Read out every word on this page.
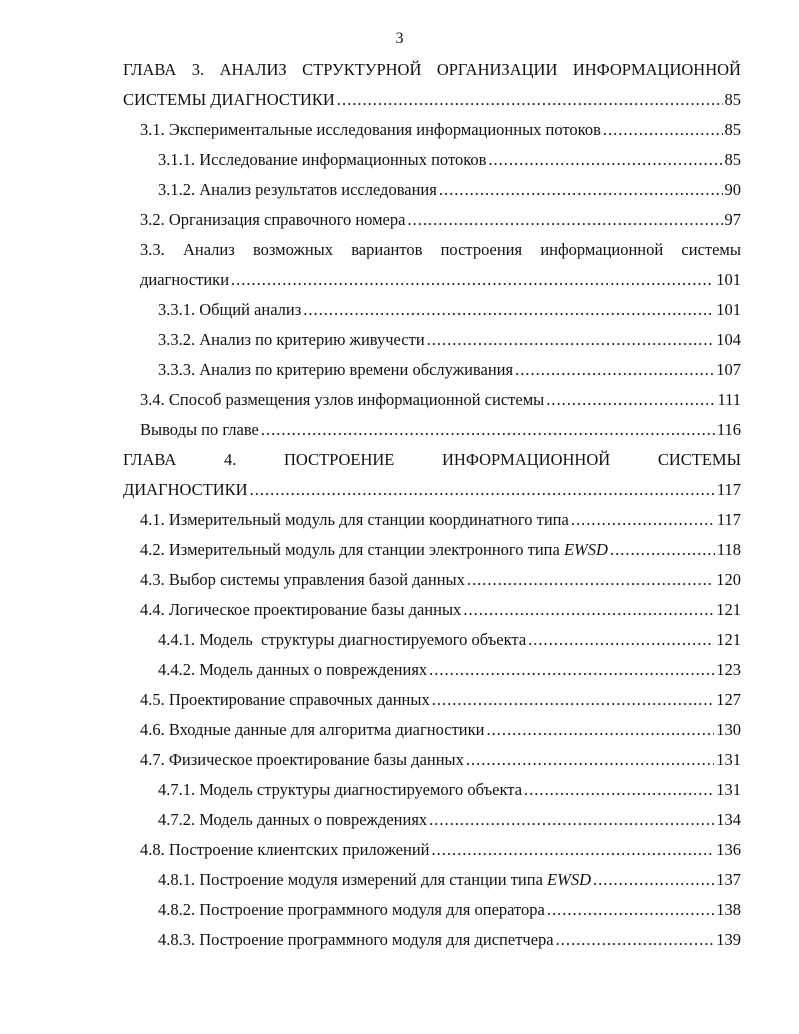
3
ГЛАВА 3. АНАЛИЗ СТРУКТУРНОЙ ОРГАНИЗАЦИИ ИНФОРМАЦИОННОЙ
СИСТЕМЫ ДИАГНОСТИКИ .....	85
3.1. Экспериментальные исследования информационных потоков .....	85
3.1.1. Исследование информационных потоков .....	85
3.1.2. Анализ результатов исследования .....	90
3.2. Организация справочного номера .....	97
3.3. Анализ возможных вариантов построения информационной системы
диагностики .....	101
3.3.1. Общий анализ .....	101
3.3.2. Анализ по критерию живучести .....	104
3.3.3. Анализ по критерию времени обслуживания .....	107
3.4. Способ размещения узлов информационной системы .....	111
Выводы по главе .....	116
ГЛАВА	4.	ПОСТРОЕНИЕ	ИНФОРМАЦИОННОЙ	СИСТЕМЫ
ДИАГНОСТИКИ .....	117
4.1. Измерительный модуль для станции координатного типа .....	117
4.2. Измерительный модуль для станции электронного типа EWSD .....	118
4.3. Выбор системы управления базой данных .....	120
4.4. Логическое проектирование базы данных .....	121
4.4.1. Модель  структуры диагностируемого объекта .....	121
4.4.2. Модель данных о повреждениях .....	123
4.5. Проектирование справочных данных .....	127
4.6. Входные данные для алгоритма диагностики .....	130
4.7. Физическое проектирование базы данных .....	131
4.7.1. Модель структуры диагностируемого объекта .....	131
4.7.2. Модель данных о повреждениях .....	134
4.8. Построение клиентских приложений .....	136
4.8.1. Построение модуля измерений для станции типа EWSD .....	137
4.8.2. Построение программного модуля для оператора .....	138
4.8.3. Построение программного модуля для диспетчера .....	139
